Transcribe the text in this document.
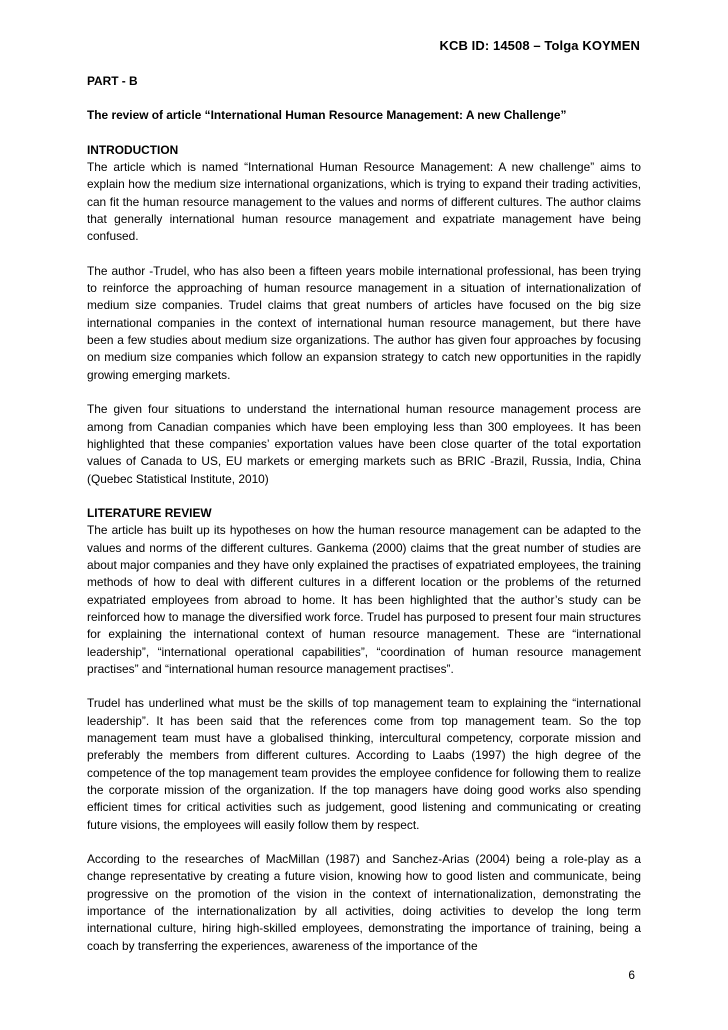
KCB ID: 14508 – Tolga KOYMEN

PART - B

The review of article “International Human Resource Management: A new Challenge”

INTRODUCTION

The article which is named “International Human Resource Management: A new challenge” aims to explain how the medium size international organizations, which is trying to expand their trading activities, can fit the human resource management to the values and norms of different cultures. The author claims that generally international human resource management and expatriate management have being confused.

The author -Trudel, who has also been a fifteen years mobile international professional, has been trying to reinforce the approaching of human resource management in a situation of internationalization of medium size companies. Trudel claims that great numbers of articles have focused on the big size international companies in the context of international human resource management, but there have been a few studies about medium size organizations. The author has given four approaches by focusing on medium size companies which follow an expansion strategy to catch new opportunities in the rapidly growing emerging markets.

The given four situations to understand the international human resource management process are among from Canadian companies which have been employing less than 300 employees. It has been highlighted that these companies’ exportation values have been close quarter of the total exportation values of Canada to US, EU markets or emerging markets such as BRIC -Brazil, Russia, India, China (Quebec Statistical Institute, 2010)

LITERATURE REVIEW

The article has built up its hypotheses on how the human resource management can be adapted to the values and norms of the different cultures. Gankema (2000) claims that the great number of studies are about major companies and they have only explained the practises of expatriated employees, the training methods of how to deal with different cultures in a different location or the problems of the returned expatriated employees from abroad to home. It has been highlighted that the author’s study can be reinforced how to manage the diversified work force. Trudel has purposed to present four main structures for explaining the international context of human resource management. These are “international leadership”, “international operational capabilities”, “coordination of human resource management practises” and “international human resource management practises”.

Trudel has underlined what must be the skills of top management team to explaining the “international leadership”. It has been said that the references come from top management team. So the top management team must have a globalised thinking, intercultural competency, corporate mission and preferably the members from different cultures. According to Laabs (1997) the high degree of the competence of the top management team provides the employee confidence for following them to realize the corporate mission of the organization. If the top managers have doing good works also spending efficient times for critical activities such as judgement, good listening and communicating or creating future visions, the employees will easily follow them by respect.

According to the researches of MacMillan (1987) and Sanchez-Arias (2004) being a role-play as a change representative by creating a future vision, knowing how to good listen and communicate, being progressive on the promotion of the vision in the context of internationalization, demonstrating the importance of the internationalization by all activities, doing activities to develop the long term international culture, hiring high-skilled employees, demonstrating the importance of training, being a coach by transferring the experiences, awareness of the importance of the

6
